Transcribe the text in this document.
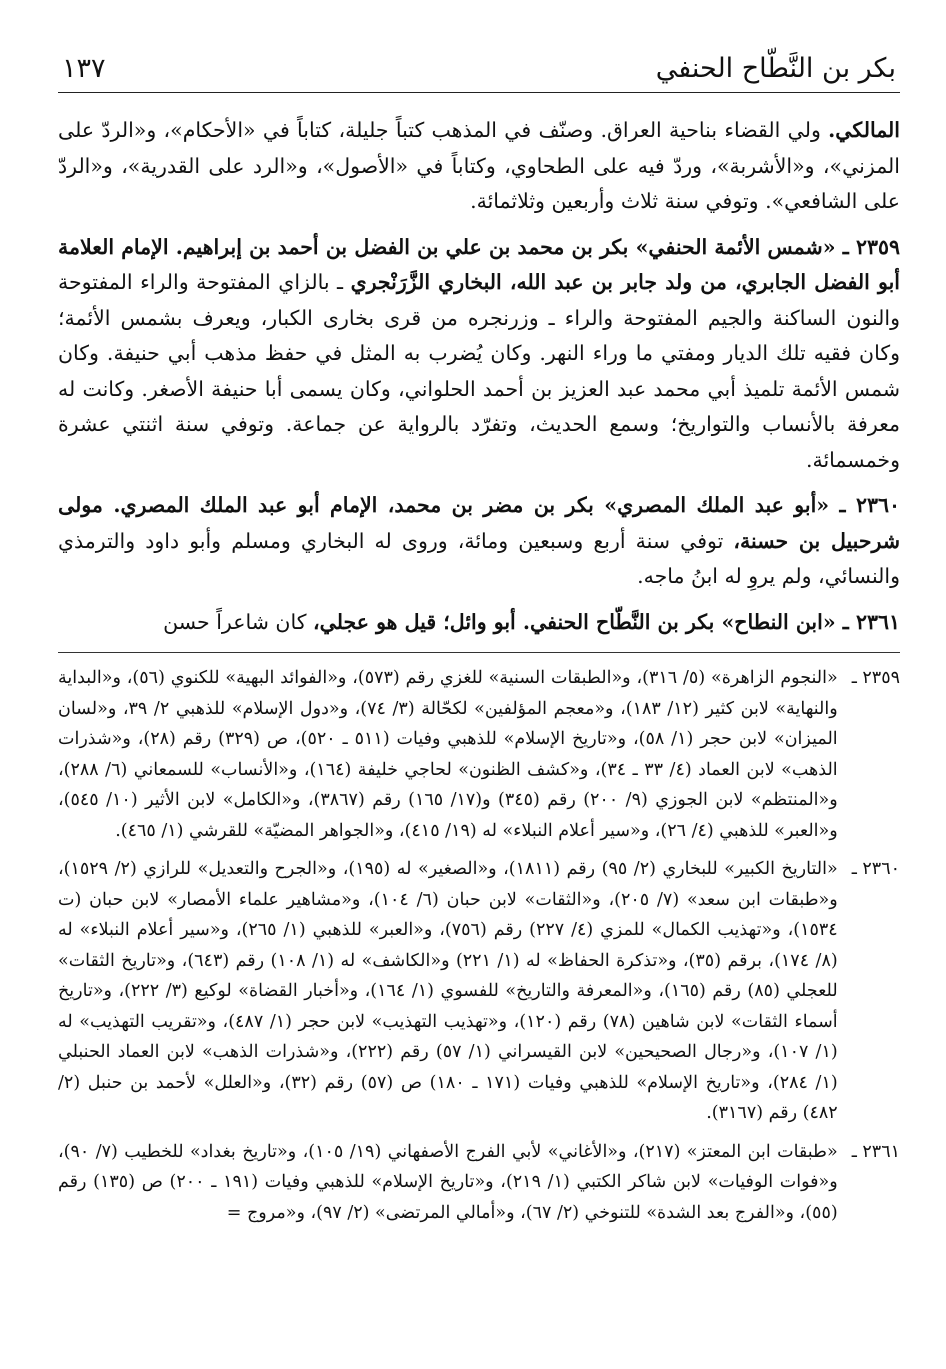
بكر بن النَّطّاح الحنفي
١٣٧

المالكي. ولي القضاء بناحية العراق. وصنّف في المذهب كتباً جليلة، كتاباً في «الأحكام»، و«الردّ على المزني»، و«الأشربة»، وردّ فيه على الطحاوي، وكتاباً في «الأصول»، و«الرد على القدرية»، و«الردّ على الشافعي». وتوفي سنة ثلاث وأربعين وثلاثمائة.

٢٣٥٩ ـ «شمس الأئمة الحنفي» بكر بن محمد بن علي بن الفضل بن أحمد بن إبراهيم. الإمام العلامة أبو الفضل الجابري، من ولد جابر بن عبد الله، البخاري الزَّرَنْجري ـ بالزاي المفتوحة والراء المفتوحة والنون الساكنة والجيم المفتوحة والراء ـ وزرنجره من قرى بخارى الكبار، ويعرف بشمس الأئمة؛ وكان فقيه تلك الديار ومفتي ما وراء النهر. وكان يُضرب به المثل في حفظ مذهب أبي حنيفة. وكان شمس الأئمة تلميذ أبي محمد عبد العزيز بن أحمد الحلواني، وكان يسمى أبا حنيفة الأصغر. وكانت له معرفة بالأنساب والتواريخ؛ وسمع الحديث، وتفرّد بالرواية عن جماعة. وتوفي سنة اثنتي عشرة وخمسمائة.

٢٣٦٠ ـ «أبو عبد الملك المصري» بكر بن مضر بن محمد، الإمام أبو عبد الملك المصري. مولى شرحبيل بن حسنة، توفي سنة أربع وسبعين ومائة، وروى له البخاري ومسلم وأبو داود والترمذي والنسائي، ولم يروِ له ابنُ ماجه.

٢٣٦١ ـ «ابن النطاح» بكر بن النَّطّاح الحنفي. أبو وائل؛ قيل هو عجلي، كان شاعراً حسن

٢٣٥٩ ـ
«النجوم الزاهرة» (٥/ ٣١٦)، و«الطبقات السنية» للغزي رقم (٥٧٣)، و«الفوائد البهية» للكنوي (٥٦)، و«البداية والنهاية» لابن كثير (١٢/ ١٨٣)، و«معجم المؤلفين» لكحّالة (٣/ ٧٤)، و«دول الإسلام» للذهبي ٢/ ٣٩، و«لسان الميزان» لابن حجر (١/ ٥٨)، و«تاريخ الإسلام» للذهبي وفيات (٥١١ ـ ٥٢٠)، ص (٣٢٩) رقم (٢٨)، و«شذرات الذهب» لابن العماد (٤/ ٣٣ ـ ٣٤)، و«كشف الظنون» لحاجي خليفة (١٦٤)، و«الأنساب» للسمعاني (٦/ ٢٨٨)، و«المنتظم» لابن الجوزي (٩/ ٢٠٠) رقم (٣٤٥) و(١٧/ ١٦٥) رقم (٣٨٦٧)، و«الكامل» لابن الأثير (١٠/ ٥٤٥)، و«العبر» للذهبي (٤/ ٢٦)، و«سير أعلام النبلاء» له (١٩/ ٤١٥)، و«الجواهر المضيّة» للقرشي (١/ ٤٦٥).
٢٣٦٠ ـ
«التاريخ الكبير» للبخاري (٢/ ٩٥) رقم (١٨١١)، و«الصغير» له (١٩٥)، و«الجرح والتعديل» للرازي (٢/ ١٥٢٩)، و«طبقات ابن سعد» (٧/ ٢٠٥)، و«الثقات» لابن حبان (٦/ ١٠٤)، و«مشاهير علماء الأمصار» لابن حبان (ت ١٥٣٤)، و«تهذيب الكمال» للمزي (٤/ ٢٢٧) رقم (٧٥٦)، و«العبر» للذهبي (١/ ٢٦٥)، و«سير أعلام النبلاء» له (٨/ ١٧٤)، برقم (٣٥)، و«تذكرة الحفاظ» له (١/ ٢٢١) و«الكاشف» له (١/ ١٠٨) رقم (٦٤٣)، و«تاريخ الثقات» للعجلي (٨٥) رقم (١٦٥)، و«المعرفة والتاريخ» للفسوي (١/ ١٦٤)، و«أخبار القضاة» لوكيع (٣/ ٢٢٢)، و«تاريخ أسماء الثقات» لابن شاهين (٧٨) رقم (١٢٠)، و«تهذيب التهذيب» لابن حجر (١/ ٤٨٧)، و«تقريب التهذيب» له (١/ ١٠٧)، و«رجال الصحيحين» لابن القيسراني (١/ ٥٧) رقم (٢٢٢)، و«شذرات الذهب» لابن العماد الحنبلي (١/ ٢٨٤)، و«تاريخ الإسلام» للذهبي وفيات (١٧١ ـ ١٨٠) ص (٥٧) رقم (٣٢)، و«العلل» لأحمد بن حنبل (٢/ ٤٨٢) رقم (٣١٦٧).
٢٣٦١ ـ
«طبقات ابن المعتز» (٢١٧)، و«الأغاني» لأبي الفرج الأصفهاني (١٩/ ١٠٥)، و«تاريخ بغداد» للخطيب (٧/ ٩٠)، و«فوات الوفيات» لابن شاكر الكتبي (١/ ٢١٩)، و«تاريخ الإسلام» للذهبي وفيات (١٩١ ـ ٢٠٠) ص (١٣٥) رقم (٥٥)، و«الفرج بعد الشدة» للتنوخي (٢/ ٦٧)، و«أمالي المرتضى» (٢/ ٩٧)، و«مروج =
